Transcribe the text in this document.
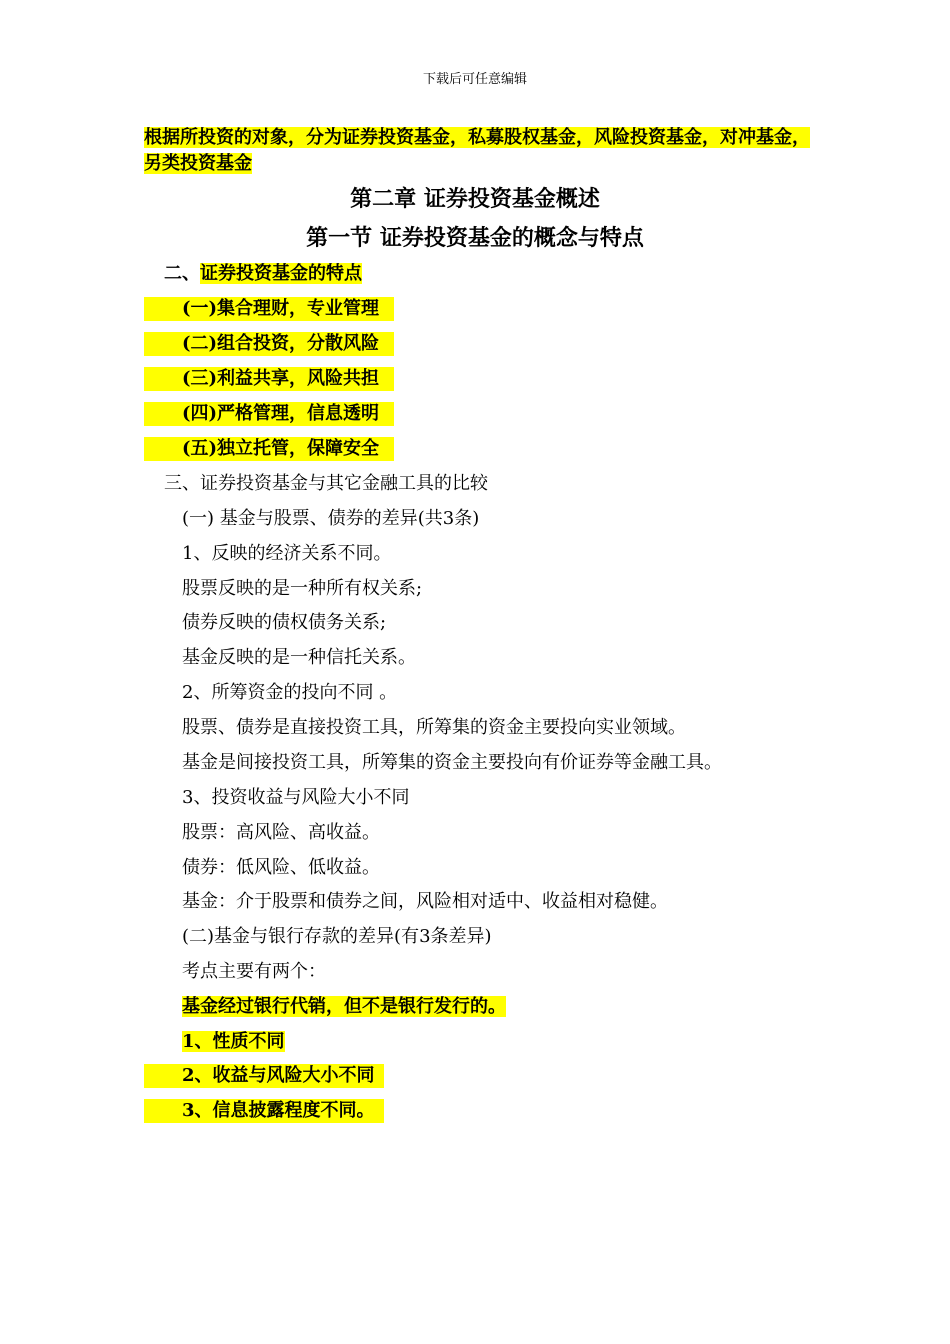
下载后可任意编辑
根据所投资的对象，分为证券投资基金，私募股权基金，风险投资基金，对冲基金，另类投资基金
第二章 证券投资基金概述
第一节 证券投资基金的概念与特点
二、证券投资基金的特点
(一)集合理财，专业管理
(二)组合投资，分散风险
(三)利益共享，风险共担
(四)严格管理，信息透明
(五)独立托管，保障安全
三、证券投资基金与其它金融工具的比较
(一) 基金与股票、债券的差异(共3条)
1、反映的经济关系不同。
股票反映的是一种所有权关系;
债券反映的债权债务关系;
基金反映的是一种信托关系。
2、所筹资金的投向不同 。
股票、债券是直接投资工具，所筹集的资金主要投向实业领域。
基金是间接投资工具，所筹集的资金主要投向有价证券等金融工具。
3、投资收益与风险大小不同
股票：高风险、高收益。
债券：低风险、低收益。
基金：介于股票和债券之间，风险相对适中、收益相对稳健。
(二)基金与银行存款的差异(有3条差异)
考点主要有两个：
基金经过银行代销，但不是银行发行的。
1、性质不同
2、收益与风险大小不同
3、信息披露程度不同。
